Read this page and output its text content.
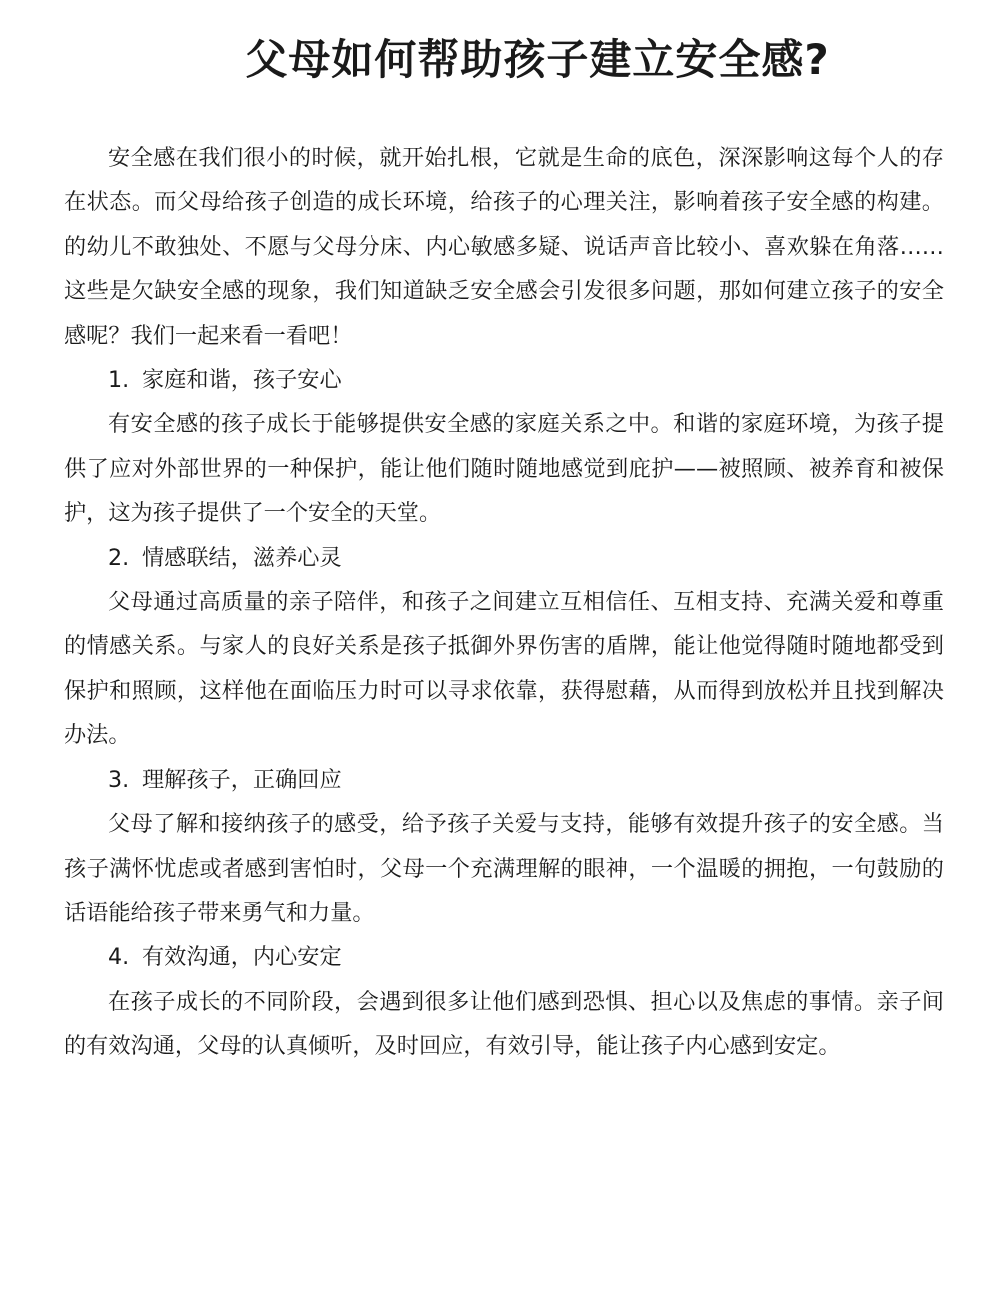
父母如何帮助孩子建立安全感?

安全感在我们很小的时候，就开始扎根，它就是生命的底色，深深影响这每个人的存在状态。而父母给孩子创造的成长环境，给孩子的心理关注，影响着孩子安全感的构建。的幼儿不敢独处、不愿与父母分床、内心敏感多疑、说话声音比较小、喜欢躲在角落……这些是欠缺安全感的现象，我们知道缺乏安全感会引发很多问题，那如何建立孩子的安全感呢？我们一起来看一看吧！

1. 家庭和谐，孩子安心

有安全感的孩子成长于能够提供安全感的家庭关系之中。和谐的家庭环境，为孩子提供了应对外部世界的一种保护，能让他们随时随地感觉到庇护——被照顾、被养育和被保护，这为孩子提供了一个安全的天堂。

2. 情感联结，滋养心灵

父母通过高质量的亲子陪伴，和孩子之间建立互相信任、互相支持、充满关爱和尊重的情感关系。与家人的良好关系是孩子抵御外界伤害的盾牌，能让他觉得随时随地都受到保护和照顾，这样他在面临压力时可以寻求依靠，获得慰藉，从而得到放松并且找到解决办法。

3. 理解孩子，正确回应

父母了解和接纳孩子的感受，给予孩子关爱与支持，能够有效提升孩子的安全感。当孩子满怀忧虑或者感到害怕时，父母一个充满理解的眼神，一个温暖的拥抱，一句鼓励的话语能给孩子带来勇气和力量。

4. 有效沟通，内心安定

在孩子成长的不同阶段，会遇到很多让他们感到恐惧、担心以及焦虑的事情。亲子间的有效沟通，父母的认真倾听，及时回应，有效引导，能让孩子内心感到安定。
